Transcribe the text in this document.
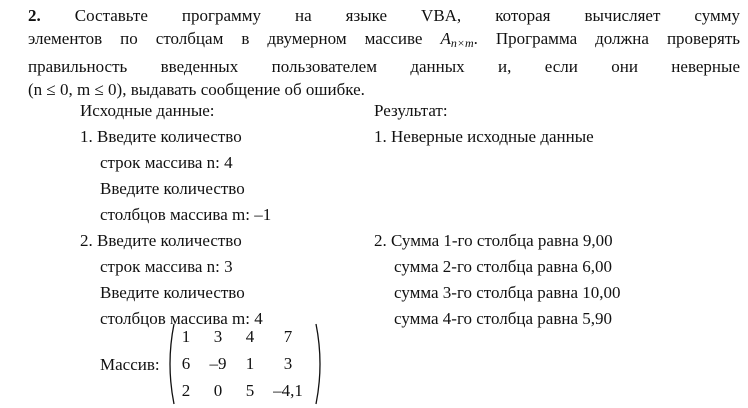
2. Составьте программу на языке VBA, которая вычисляет сумму
элементов по столбцам в двумерном массиве $A_{n\times m}$. Программа должна проверять
правильность введенных пользователем данных и, если они неверные
(n ≤ 0, m ≤ 0), выдавать сообщение об ошибке.
Исходные данные:
1. Введите количество
строк массива n: 4
Введите количество
столбцов массива m: –1
2. Введите количество
строк массива n: 3
Введите количество
столбцов массива m: 4
Результат:
1. Неверные исходные данные
2. Сумма 1-го столбца равна 9,00
сумма 2-го столбца равна 6,00
сумма 3-го столбца равна 10,00
сумма 4-го столбца равна 5,90
Массив:
1	3	4	7
6	–9	1	3
2	0	5	–4,1
